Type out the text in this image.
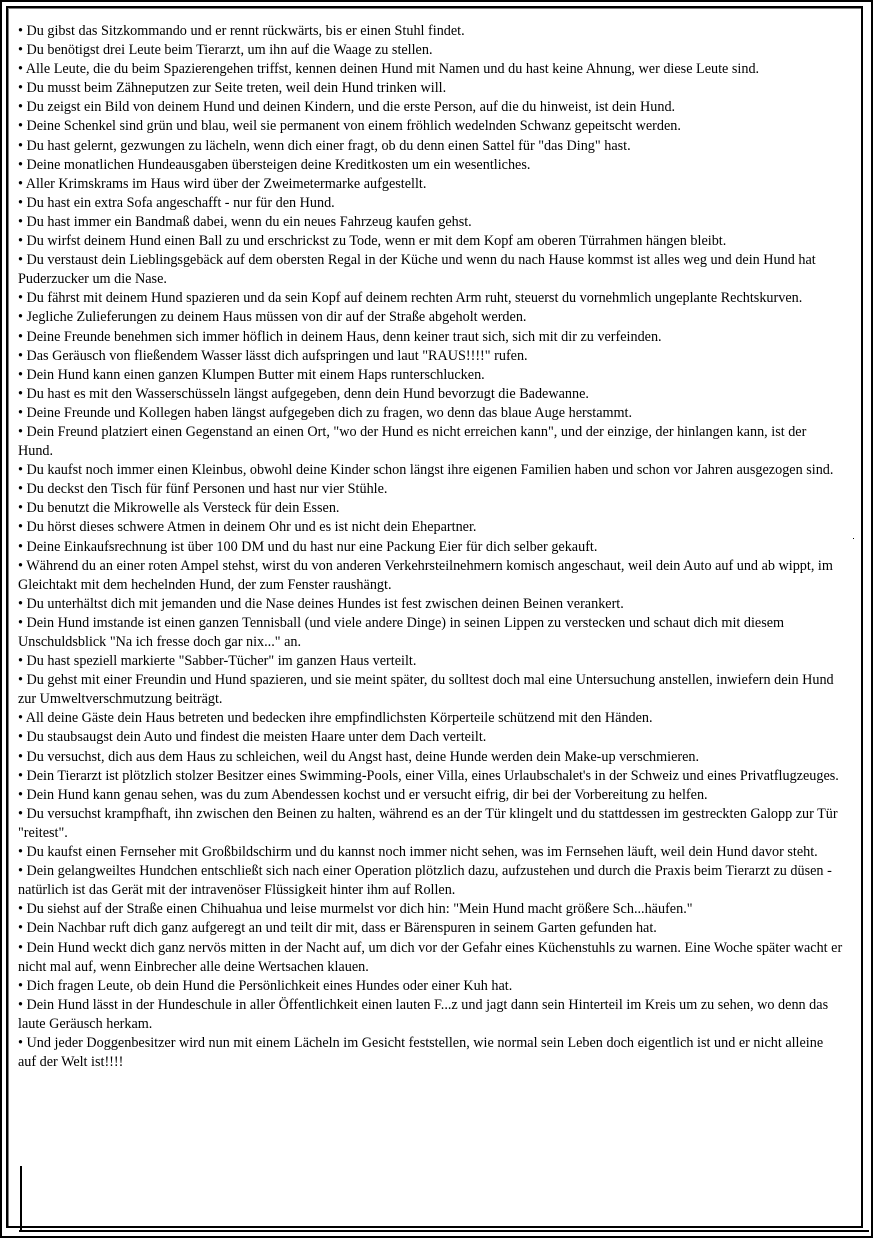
• Du gibst das Sitzkommando und er rennt rückwärts, bis er einen Stuhl findet.
• Du benötigst drei Leute beim Tierarzt, um ihn auf die Waage zu stellen.
• Alle Leute, die du beim Spazierengehen triffst, kennen deinen Hund mit Namen und du hast keine Ahnung, wer diese Leute sind.
• Du musst beim Zähneputzen zur Seite treten, weil dein Hund trinken will.
• Du zeigst ein Bild von deinem Hund und deinen Kindern, und die erste Person, auf die du hinweist, ist dein Hund.
• Deine Schenkel sind grün und blau, weil sie permanent von einem fröhlich wedelnden Schwanz gepeitscht werden.
• Du hast gelernt, gezwungen zu lächeln, wenn dich einer fragt, ob du denn einen Sattel für "das Ding" hast.
• Deine monatlichen Hundeausgaben übersteigen deine Kreditkosten um ein wesentliches.
• Aller Krimskrams im Haus wird über der Zweimetermarke aufgestellt.
• Du hast ein extra Sofa angeschafft - nur für den Hund.
• Du hast immer ein Bandmaß dabei, wenn du ein neues Fahrzeug kaufen gehst.
• Du wirfst deinem Hund einen Ball zu und erschrickst zu Tode, wenn er mit dem Kopf am oberen Türrahmen hängen bleibt.
• Du verstaust dein Lieblingsgebäck auf dem obersten Regal in der Küche und wenn du nach Hause kommst ist alles weg und dein Hund hat Puderzucker um die Nase.
• Du fährst mit deinem Hund spazieren und da sein Kopf auf deinem rechten Arm ruht, steuerst du vornehmlich ungeplante Rechtskurven.
• Jegliche Zulieferungen zu deinem Haus müssen von dir auf der Straße abgeholt werden.
• Deine Freunde benehmen sich immer höflich in deinem Haus, denn keiner traut sich, sich mit dir zu verfeinden.
• Das Geräusch von fließendem Wasser lässt dich aufspringen und laut "RAUS!!!!" rufen.
• Dein Hund kann einen ganzen Klumpen Butter mit einem Haps runterschlucken.
• Du hast es mit den Wasserschüsseln längst aufgegeben, denn dein Hund bevorzugt die Badewanne.
• Deine Freunde und Kollegen haben längst aufgegeben dich zu fragen, wo denn das blaue Auge herstammt.
• Dein Freund platziert einen Gegenstand an einen Ort, "wo der Hund es nicht erreichen kann", und der einzige, der hinlangen kann, ist der Hund.
• Du kaufst noch immer einen Kleinbus, obwohl deine Kinder schon längst ihre eigenen Familien haben und schon vor Jahren ausgezogen sind.
• Du deckst den Tisch für fünf Personen und hast nur vier Stühle.
• Du benutzt die Mikrowelle als Versteck für dein Essen.
• Du hörst dieses schwere Atmen in deinem Ohr und es ist nicht dein Ehepartner.
• Deine Einkaufsrechnung ist über 100 DM und du hast nur eine Packung Eier für dich selber gekauft.
• Während du an einer roten Ampel stehst, wirst du von anderen Verkehrsteilnehmern komisch angeschaut, weil dein Auto auf und ab wippt, im Gleichtakt mit dem hechelnden Hund, der zum Fenster raushängt.
• Du unterhältst dich mit jemanden und die Nase deines Hundes ist fest zwischen deinen Beinen verankert.
• Dein Hund imstande ist einen ganzen Tennisball (und viele andere Dinge) in seinen Lippen zu verstecken und schaut dich mit diesem Unschuldsblick "Na ich fresse doch gar nix..." an.
• Du hast speziell markierte "Sabber-Tücher" im ganzen Haus verteilt.
• Du gehst mit einer Freundin und Hund spazieren, und sie meint später, du solltest doch mal eine Untersuchung anstellen, inwiefern dein Hund zur Umweltverschmutzung beiträgt.
• All deine Gäste dein Haus betreten und bedecken ihre empfindlichsten Körperteile schützend mit den Händen.
• Du staubsaugst dein Auto und findest die meisten Haare unter dem Dach verteilt.
• Du versuchst, dich aus dem Haus zu schleichen, weil du Angst hast, deine Hunde werden dein Make-up verschmieren.
• Dein Tierarzt ist plötzlich stolzer Besitzer eines Swimming-Pools, einer Villa, eines Urlaubschalet's in der Schweiz und eines Privatflugzeuges.
• Dein Hund kann genau sehen, was du zum Abendessen kochst und er versucht eifrig, dir bei der Vorbereitung zu helfen.
• Du versuchst krampfhaft, ihn zwischen den Beinen zu halten, während es an der Tür klingelt und du stattdessen im gestreckten Galopp zur Tür "reitest".
• Du kaufst einen Fernseher mit Großbildschirm und du kannst noch immer nicht sehen, was im Fernsehen läuft, weil dein Hund davor steht.
• Dein gelangweiltes Hundchen entschließt sich nach einer Operation plötzlich dazu, aufzustehen und durch die Praxis beim Tierarzt zu düsen - natürlich ist das Gerät mit der intravenöser Flüssigkeit hinter ihm auf Rollen.
• Du siehst auf der Straße einen Chihuahua und leise murmelst vor dich hin: "Mein Hund macht größere Sch...häufen."
• Dein Nachbar ruft dich ganz aufgeregt an und teilt dir mit, dass er Bärenspuren in seinem Garten gefunden hat.
• Dein Hund weckt dich ganz nervös mitten in der Nacht auf, um dich vor der Gefahr eines Küchenstuhls zu warnen. Eine Woche später wacht er nicht mal auf, wenn Einbrecher alle deine Wertsachen klauen.
• Dich fragen Leute, ob dein Hund die Persönlichkeit eines Hundes oder einer Kuh hat.
• Dein Hund lässt in der Hundeschule in aller Öffentlichkeit einen lauten F...z und jagt dann sein Hinterteil im Kreis um zu sehen, wo denn das laute Geräusch herkam.
• Und jeder Doggenbesitzer wird nun mit einem Lächeln im Gesicht feststellen, wie normal sein Leben doch eigentlich ist und er nicht alleine auf der Welt ist!!!!
